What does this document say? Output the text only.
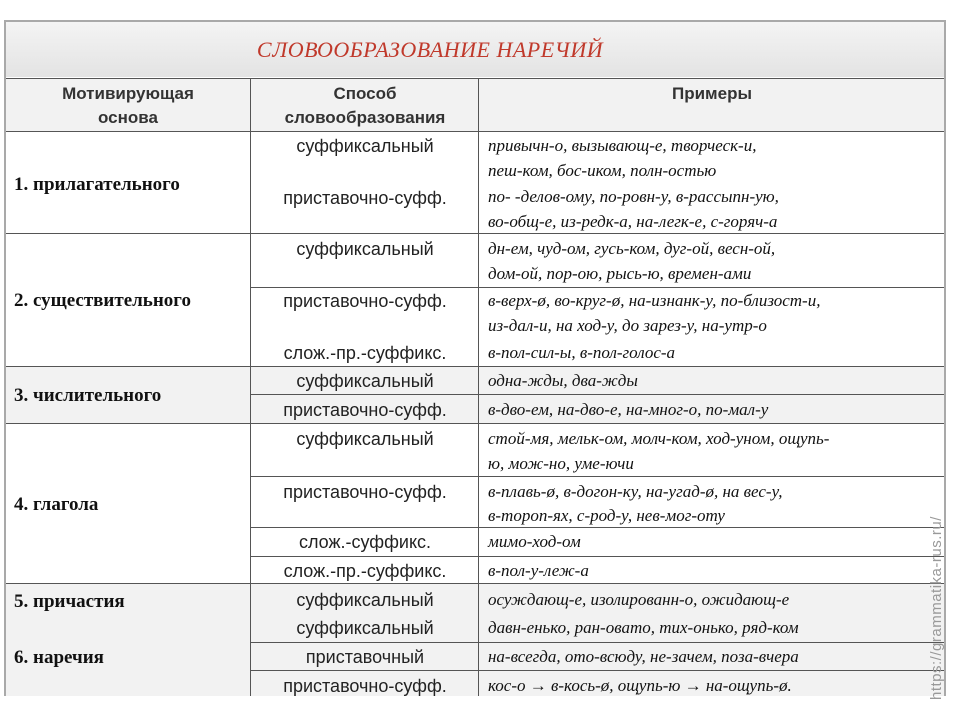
СЛОВООБРАЗОВАНИЕ НАРЕЧИЙ
Мотивирующая
основа
Способ
словообразования
Примеры
1. прилагательного
2. существительного
3. числительного
4. глагола
5. причастия
6. наречия
суффиксальный
приставочно-суфф.
суффиксальный
приставочно-суфф.
слож.-пр.-суффикс.
суффиксальный
приставочно-суфф.
суффиксальный
приставочно-суфф.
слож.-суффикс.
слож.-пр.-суффикс.
суффиксальный
суффиксальный
приставочный
приставочно-суфф.
привычн-о, вызывающ-е, творческ-и,
пеш-ком, бос-иком, полн-остью
по- -делов-ому, по-ровн-у, в-рассыпн-ую,
во-общ-е, из-редк-а, на-легк-е, с-горяч-а
дн-ем, чуд-ом, гусь-ком, дуг-ой, весн-ой,
дом-ой, пор-ою, рысь-ю, времен-ами
в-верх-ø, во-круг-ø, на-изнанк-у, по-близост-и,
из-дал-и, на ход-у, до зарез-у, на-утр-о
в-пол-сил-ы, в-пол-голос-а
одна-жды, два-жды
в-дво-ем, на-дво-е, на-мног-о, по-мал-у
стой-мя, мельк-ом, молч-ком, ход-уном, ощупь-
ю, мож-но, уме-ючи
в-плавь-ø, в-догон-ку, на-угад-ø, на вес-у,
в-тороп-ях, с-род-у, нев-мог-оту
мимо-ход-ом
в-пол-у-леж-а
осуждающ-е, изолированн-о, ожидающ-е
давн-енько, ран-овато, тих-онько, ряд-ком
на-всегда, ото-всюду, не-зачем, поза-вчера
кос-о → в-кось-ø, ощупь-ю → на-ощупь-ø.	https://grammatika-rus.ru/
